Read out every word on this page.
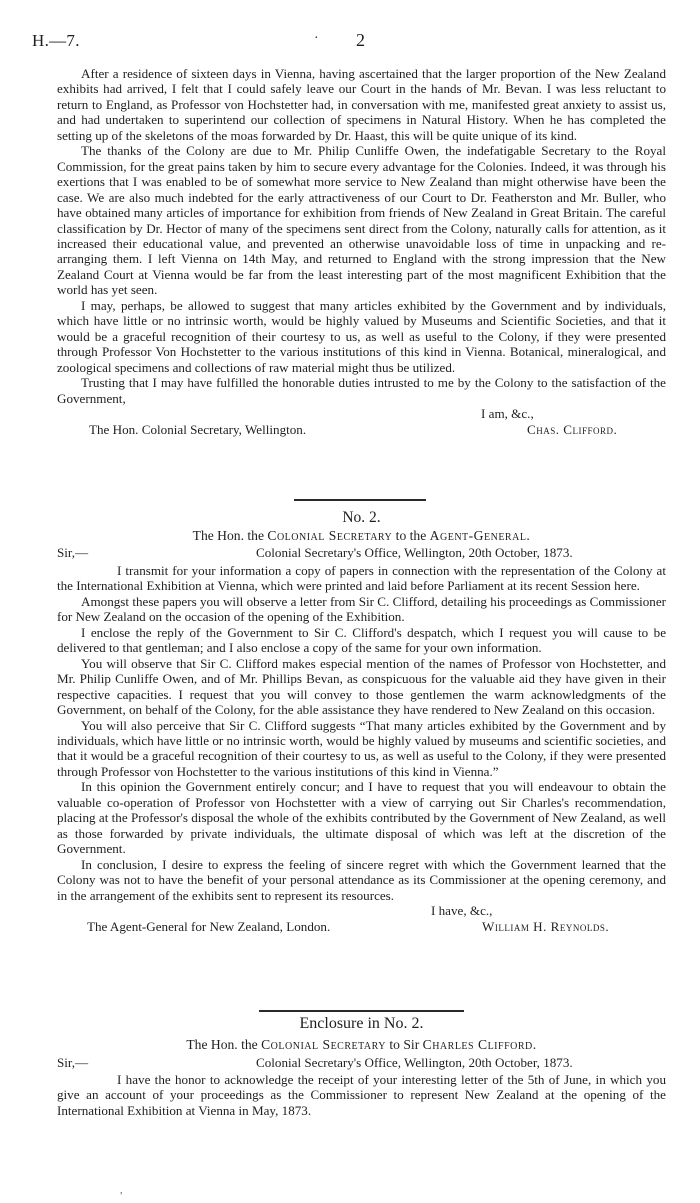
H.—7.	· 2

After a residence of sixteen days in Vienna, having ascertained that the larger proportion of the New Zealand exhibits had arrived, I felt that I could safely leave our Court in the hands of Mr. Bevan. I was less reluctant to return to England, as Professor von Hochstetter had, in conversation with me, manifested great anxiety to assist us, and had undertaken to superintend our collection of specimens in Natural History. When he has completed the setting up of the skeletons of the moas forwarded by Dr. Haast, this will be quite unique of its kind.

The thanks of the Colony are due to Mr. Philip Cunliffe Owen, the indefatigable Secretary to the Royal Commission, for the great pains taken by him to secure every advantage for the Colonies. Indeed, it was through his exertions that I was enabled to be of somewhat more service to New Zealand than might otherwise have been the case. We are also much indebted for the early attractiveness of our Court to Dr. Featherston and Mr. Buller, who have obtained many articles of importance for exhibition from friends of New Zealand in Great Britain. The careful classification by Dr. Hector of many of the specimens sent direct from the Colony, naturally calls for attention, as it increased their educational value, and prevented an otherwise unavoidable loss of time in unpacking and re-arranging them. I left Vienna on 14th May, and returned to England with the strong impression that the New Zealand Court at Vienna would be far from the least interesting part of the most magnificent Exhibition that the world has yet seen.

I may, perhaps, be allowed to suggest that many articles exhibited by the Government and by individuals, which have little or no intrinsic worth, would be highly valued by Museums and Scientific Societies, and that it would be a graceful recognition of their courtesy to us, as well as useful to the Colony, if they were presented through Professor Von Hochstetter to the various institutions of this kind in Vienna. Botanical, mineralogical, and zoological specimens and collections of raw material might thus be utilized.

Trusting that I may have fulfilled the honorable duties intrusted to me by the Colony to the satisfaction of the Government,

I am, &c.,
The Hon. Colonial Secretary, Wellington.	Chas. Clifford.
No. 2.
The Hon. the Colonial Secretary to the Agent-General.
Sir,—	Colonial Secretary's Office, Wellington, 20th October, 1873.

I transmit for your information a copy of papers in connection with the representation of the Colony at the International Exhibition at Vienna, which were printed and laid before Parliament at its recent Session here.

Amongst these papers you will observe a letter from Sir C. Clifford, detailing his proceedings as Commissioner for New Zealand on the occasion of the opening of the Exhibition.

I enclose the reply of the Government to Sir C. Clifford's despatch, which I request you will cause to be delivered to that gentleman; and I also enclose a copy of the same for your own information.

You will observe that Sir C. Clifford makes especial mention of the names of Professor von Hochstetter, and Mr. Philip Cunliffe Owen, and of Mr. Phillips Bevan, as conspicuous for the valuable aid they have given in their respective capacities. I request that you will convey to those gentlemen the warm acknowledgments of the Government, on behalf of the Colony, for the able assistance they have rendered to New Zealand on this occasion.

You will also perceive that Sir C. Clifford suggests “That many articles exhibited by the Government and by individuals, which have little or no intrinsic worth, would be highly valued by museums and scientific societies, and that it would be a graceful recognition of their courtesy to us, as well as useful to the Colony, if they were presented through Professor von Hochstetter to the various institutions of this kind in Vienna.”

In this opinion the Government entirely concur; and I have to request that you will endeavour to obtain the valuable co-operation of Professor von Hochstetter with a view of carrying out Sir Charles's recommendation, placing at the Professor's disposal the whole of the exhibits contributed by the Government of New Zealand, as well as those forwarded by private individuals, the ultimate disposal of which was left at the discretion of the Government.

In conclusion, I desire to express the feeling of sincere regret with which the Government learned that the Colony was not to have the benefit of your personal attendance as its Commissioner at the opening ceremony, and in the arrangement of the exhibits sent to represent its resources.

I have, &c.,
The Agent-General for New Zealand, London.	William H. Reynolds.
Enclosure in No. 2.
The Hon. the Colonial Secretary to Sir Charles Clifford.
Sir,—	Colonial Secretary's Office, Wellington, 20th October, 1873.

I have the honor to acknowledge the receipt of your interesting letter of the 5th of June, in which you give an account of your proceedings as the Commissioner to represent New Zealand at the opening of the International Exhibition at Vienna in May, 1873.

,
